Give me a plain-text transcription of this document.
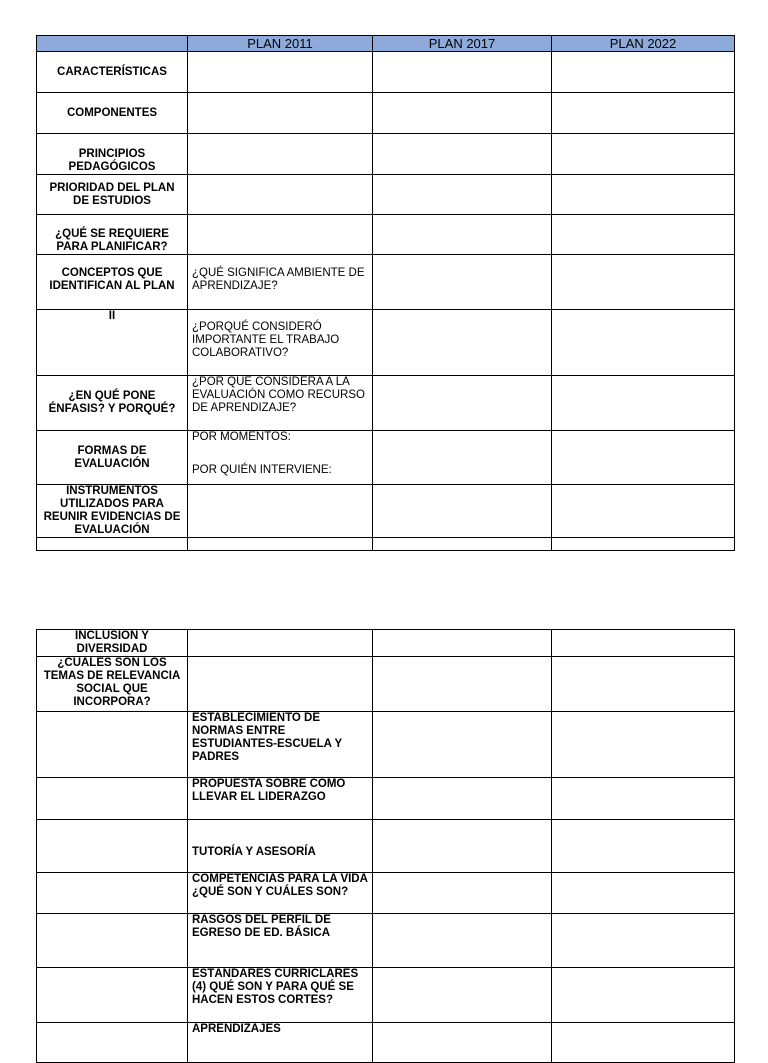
	PLAN 2011	PLAN 2017	PLAN 2022
CARACTERÍSTICAS			
COMPONENTES			
PRINCIPIOS PEDAGÓGICOS			
PRIORIDAD DEL PLAN DE ESTUDIOS			
¿QUÉ SE REQUIERE PARA PLANIFICAR?			
CONCEPTOS QUE IDENTIFICAN AL PLAN	¿QUÉ SIGNIFICA AMBIENTE DE APRENDIZAJE?		
II	¿PORQUÉ CONSIDERÓ IMPORTANTE EL TRABAJO COLABORATIVO?		
¿EN QUÉ PONE ÉNFASIS? Y PORQUÉ?	¿POR QUÉ CONSIDERA A LA EVALUACIÓN COMO RECURSO DE APRENDIZAJE?		
FORMAS DE EVALUACIÓN	POR MOMENTOS:
POR QUIÉN INTERVIENE:		

INSTRUMENTOS UTILIZADOS PARA REUNIR EVIDENCIAS DE EVALUACIÓN			

INCLUSIÓN Y DIVERSIDAD			
¿CUÁLES SON LOS TEMAS DE RELEVANCIA SOCIAL QUE INCORPORA?			
	ESTABLECIMIENTO DE NORMAS ENTRE ESTUDIANTES-ESCUELA Y PADRES		
	PROPUESTA SOBRE CÓMO LLEVAR EL LIDERAZGO		
	TUTORÍA Y ASESORÍA		
	COMPETENCIAS PARA LA VIDA ¿QUÉ SON Y CUÁLES SON?		
	RASGOS DEL PERFIL DE EGRESO DE ED. BÁSICA		
	ESTÁNDARES CURRICLARES (4) QUÉ SON Y PARA QUÉ SE HACEN ESTOS CORTES?		
	APRENDIZAJES		
